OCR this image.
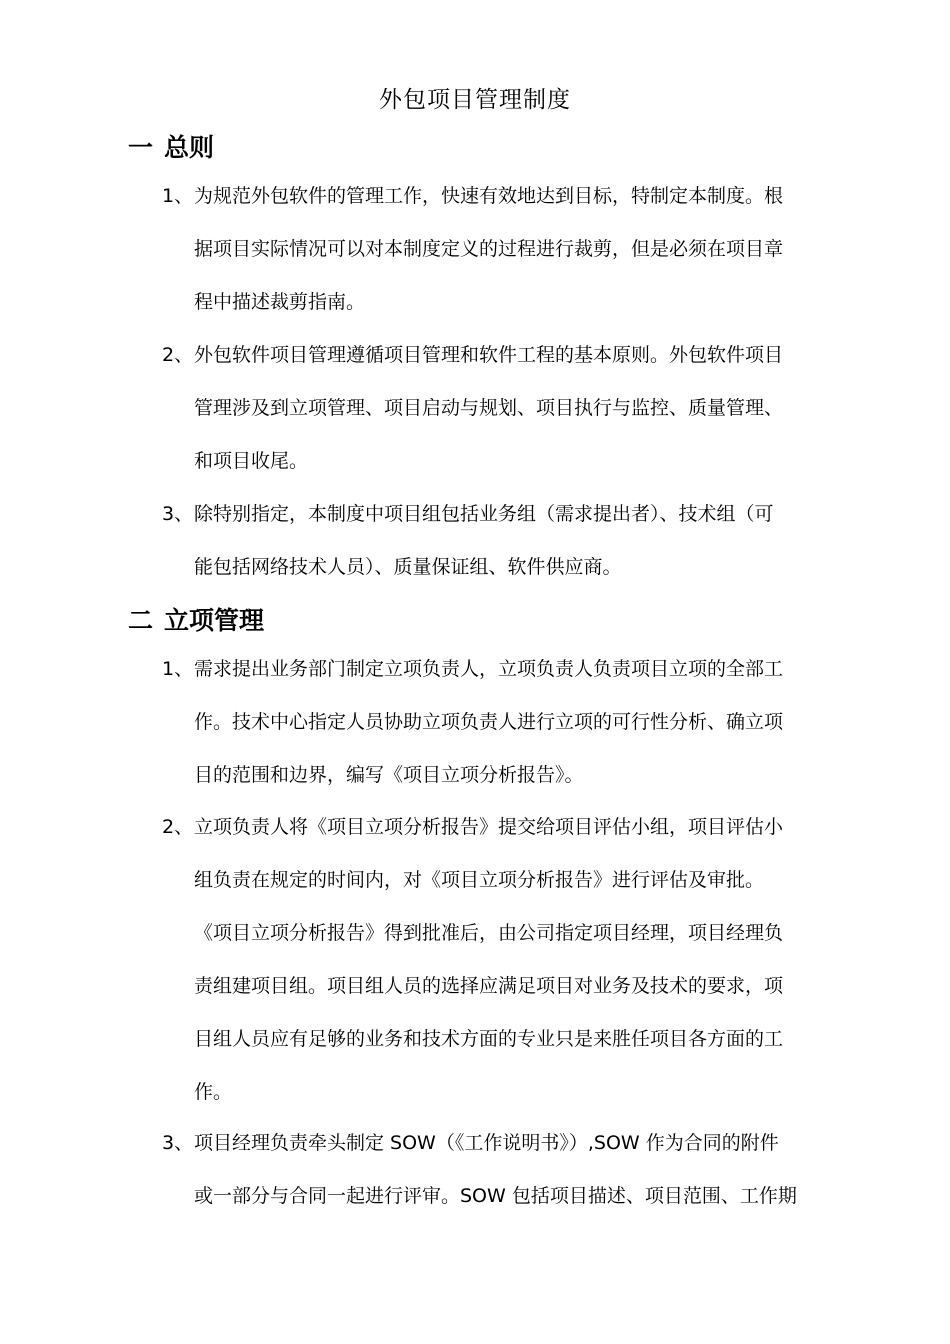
外包项目管理制度
一 总则
1、 为规范外包软件的管理工作，快速有效地达到目标，特制定本制度。根
据项目实际情况可以对本制度定义的过程进行裁剪，但是必须在项目章
程中描述裁剪指南。
2、 外包软件项目管理遵循项目管理和软件工程的基本原则。外包软件项目
管理涉及到立项管理、项目启动与规划、项目执行与监控、质量管理、
和项目收尾。
3、 除特别指定，本制度中项目组包括业务组（需求提出者）、技术组（可
能包括网络技术人员）、质量保证组、软件供应商。
二 立项管理
1、 需求提出业务部门制定立项负责人，立项负责人负责项目立项的全部工
作。技术中心指定人员协助立项负责人进行立项的可行性分析、确立项
目的范围和边界，编写《项目立项分析报告》。
2、 立项负责人将《项目立项分析报告》提交给项目评估小组，项目评估小
组负责在规定的时间内，对《项目立项分析报告》进行评估及审批。
《项目立项分析报告》得到批准后，由公司指定项目经理，项目经理负
责组建项目组。项目组人员的选择应满足项目对业务及技术的要求，项
目组人员应有足够的业务和技术方面的专业只是来胜任项目各方面的工
作。
3、 项目经理负责牵头制定 SOW（《工作说明书》）,SOW 作为合同的附件
或一部分与合同一起进行评审。SOW 包括项目描述、项目范围、工作期
